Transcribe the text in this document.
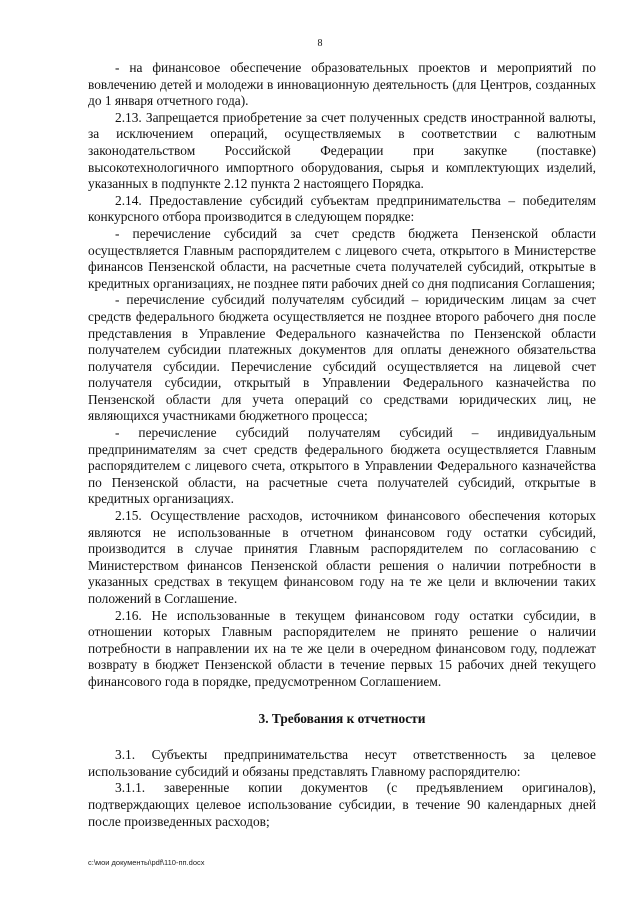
8

- на финансовое обеспечение образовательных проектов и мероприятий по вовлечению детей и молодежи в инновационную деятельность (для Центров, созданных до 1 января отчетного года).

2.13. Запрещается приобретение за счет полученных средств иностранной валюты, за исключением операций, осуществляемых в соответствии с валютным законодательством Российской Федерации при закупке (поставке) высокотехнологичного импортного оборудования, сырья и комплектующих изделий, указанных в подпункте 2.12 пункта 2 настоящего Порядка.

2.14. Предоставление субсидий субъектам предпринимательства – победителям конкурсного отбора производится в следующем порядке:

- перечисление субсидий за счет средств бюджета Пензенской области осуществляется Главным распорядителем с лицевого счета, открытого в Министерстве финансов Пензенской области, на расчетные счета получателей субсидий, открытые в кредитных организациях, не позднее пяти рабочих дней со дня подписания Соглашения;

- перечисление субсидий получателям субсидий – юридическим лицам за счет средств федерального бюджета осуществляется не позднее второго рабочего дня после представления в Управление Федерального казначейства по Пензенской области получателем субсидии платежных документов для оплаты денежного обязательства получателя субсидии. Перечисление субсидий осуществляется на лицевой счет получателя субсидии, открытый в Управлении Федерального казначейства по Пензенской области для учета операций со средствами юридических лиц, не являющихся участниками бюджетного процесса;

- перечисление субсидий получателям субсидий – индивидуальным предпринимателям за счет средств федерального бюджета осуществляется Главным распорядителем с лицевого счета, открытого в Управлении Федерального казначейства по Пензенской области, на расчетные счета получателей субсидий, открытые в кредитных организациях.

2.15. Осуществление расходов, источником финансового обеспечения которых являются не использованные в отчетном финансовом году остатки субсидий, производится в случае принятия Главным распорядителем по согласованию с Министерством финансов Пензенской области решения о наличии потребности в указанных средствах в текущем финансовом году на те же цели и включении таких положений в Соглашение.

2.16. Не использованные в текущем финансовом году остатки субсидии, в отношении которых Главным распорядителем не принято решение о наличии потребности в направлении их на те же цели в очередном финансовом году, подлежат возврату в бюджет Пензенской области в течение первых 15 рабочих дней текущего финансового года в порядке, предусмотренном Соглашением.

3. Требования к отчетности

3.1. Субъекты предпринимательства несут ответственность за целевое использование субсидий и обязаны представлять Главному распорядителю:

3.1.1. заверенные копии документов (с предъявлением оригиналов), подтверждающих целевое использование субсидии, в течение 90 календарных дней после произведенных расходов;

c:\мои документы\pdf\110-пп.docx
